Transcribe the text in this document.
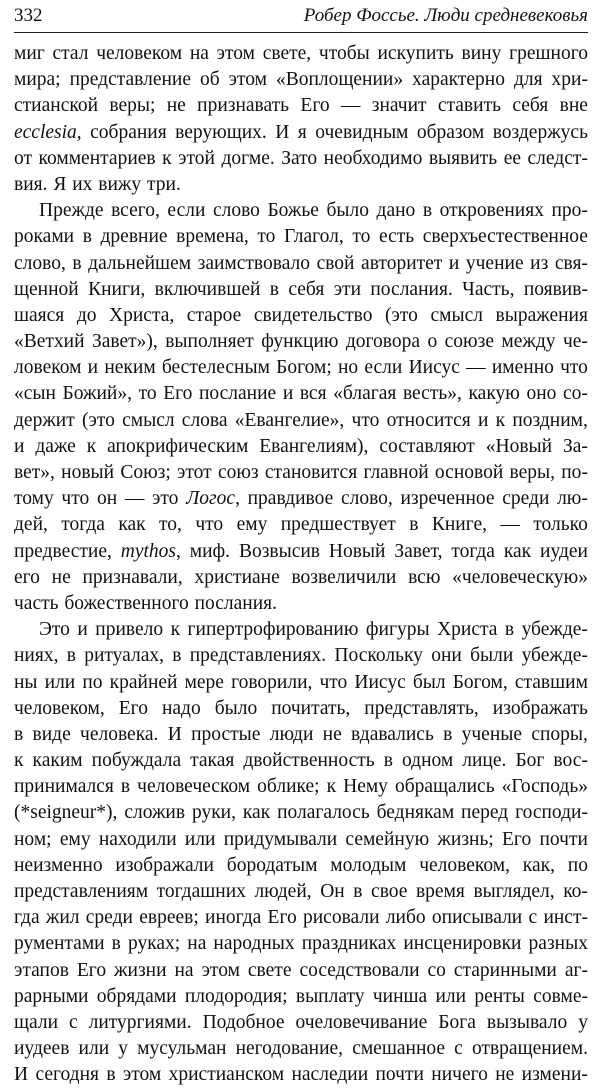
332	Робер Фоссье. Люди средневековья
миг стал человеком на этом свете, чтобы искупить вину грешного
мира; представление об этом «Воплощении» характерно для хри-
стианской веры; не признавать Его — значит ставить себя вне
ecclesia, собрания верующих. И я очевидным образом воздержусь
от комментариев к этой догме. Зато необходимо выявить ее следст-
вия. Я их вижу три.
Прежде всего, если слово Божье было дано в откровениях про-
роками в древние времена, то Глагол, то есть сверхъестественное
слово, в дальнейшем заимствовало свой авторитет и учение из свя-
щенной Книги, включившей в себя эти послания. Часть, появив-
шаяся до Христа, старое свидетельство (это смысл выражения
«Ветхий Завет»), выполняет функцию договора о союзе между че-
ловеком и неким бестелесным Богом; но если Иисус — именно что
«сын Божий», то Его послание и вся «благая весть», какую оно со-
держит (это смысл слова «Евангелие», что относится и к поздним,
и даже к апокрифическим Евангелиям), составляют «Новый За-
вет», новый Союз; этот союз становится главной основой веры, по-
тому что он — это Логос, правдивое слово, изреченное среди лю-
дей, тогда как то, что ему предшествует в Книге, — только
предвестие, mythos, миф. Возвысив Новый Завет, тогда как иудеи
его не признавали, христиане возвеличили всю «человеческую»
часть божественного послания.
Это и привело к гипертрофированию фигуры Христа в убежде-
ниях, в ритуалах, в представлениях. Поскольку они были убежде-
ны или по крайней мере говорили, что Иисус был Богом, ставшим
человеком, Его надо было почитать, представлять, изображать
в виде человека. И простые люди не вдавались в ученые споры,
к каким побуждала такая двойственность в одном лице. Бог вос-
принимался в человеческом облике; к Нему обращались «Господь»
(*seigneur*), сложив руки, как полагалось беднякам перед господи-
ном; ему находили или придумывали семейную жизнь; Его почти
неизменно изображали бородатым молодым человеком, как, по
представлениям тогдашних людей, Он в свое время выглядел, ко-
гда жил среди евреев; иногда Его рисовали либо описывали с инст-
рументами в руках; на народных праздниках инсценировки разных
этапов Его жизни на этом свете соседствовали со старинными аг-
рарными обрядами плодородия; выплату чинша или ренты совме-
щали с литургиями. Подобное очеловечивание Бога вызывало у
иудеев или у мусульман негодование, смешанное с отвращением.
И сегодня в этом христианском наследии почти ничего не измени-
